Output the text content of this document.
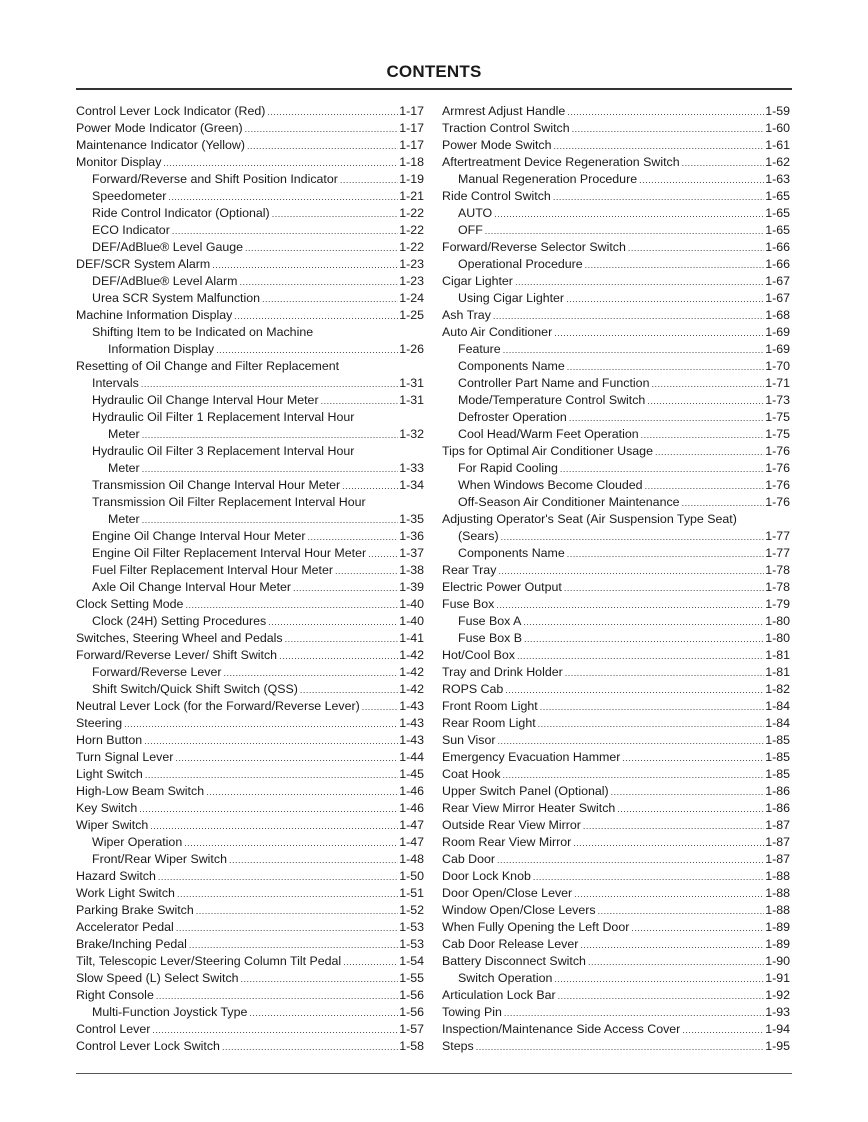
CONTENTS
Control Lever Lock Indicator (Red) .....	1-17
Power Mode Indicator (Green) .....	1-17
Maintenance Indicator (Yellow) .....	1-17
Monitor Display .....	1-18
Forward/Reverse and Shift Position Indicator .....	1-19
Speedometer .....	1-21
Ride Control Indicator (Optional) .....	1-22
ECO Indicator .....	1-22
DEF/AdBlue® Level Gauge .....	1-22
DEF/SCR System Alarm .....	1-23
DEF/AdBlue® Level Alarm .....	1-23
Urea SCR System Malfunction .....	1-24
Machine Information Display .....	1-25
Shifting Item to be Indicated on Machine
Information Display .....	1-26
Resetting of Oil Change and Filter Replacement
Intervals .....	1-31
Hydraulic Oil Change Interval Hour Meter .....	1-31
Hydraulic Oil Filter 1 Replacement Interval Hour
Meter .....	1-32
Hydraulic Oil Filter 3 Replacement Interval Hour
Meter .....	1-33
Transmission Oil Change Interval Hour Meter .....	1-34
Transmission Oil Filter Replacement Interval Hour
Meter .....	1-35
Engine Oil Change Interval Hour Meter .....	1-36
Engine Oil Filter Replacement Interval Hour Meter .....	1-37
Fuel Filter Replacement Interval Hour Meter .....	1-38
Axle Oil Change Interval Hour Meter .....	1-39
Clock Setting Mode .....	1-40
Clock (24H) Setting Procedures .....	1-40
Switches, Steering Wheel and Pedals .....	1-41
Forward/Reverse Lever/ Shift Switch .....	1-42
Forward/Reverse Lever .....	1-42
Shift Switch/Quick Shift Switch (QSS) .....	1-42
Neutral Lever Lock (for the Forward/Reverse Lever) .....	1-43
Steering .....	1-43
Horn Button .....	1-43
Turn Signal Lever .....	1-44
Light Switch .....	1-45
High-Low Beam Switch .....	1-46
Key Switch .....	1-46
Wiper Switch .....	1-47
Wiper Operation .....	1-47
Front/Rear Wiper Switch .....	1-48
Hazard Switch .....	1-50
Work Light Switch .....	1-51
Parking Brake Switch .....	1-52
Accelerator Pedal .....	1-53
Brake/Inching Pedal .....	1-53
Tilt, Telescopic Lever/Steering Column Tilt Pedal .....	1-54
Slow Speed (L) Select Switch .....	1-55
Right Console .....	1-56
Multi-Function Joystick Type .....	1-56
Control Lever .....	1-57
Control Lever Lock Switch .....	1-58
Armrest Adjust Handle .....	1-59
Traction Control Switch .....	1-60
Power Mode Switch .....	1-61
Aftertreatment Device Regeneration Switch .....	1-62
Manual Regeneration Procedure .....	1-63
Ride Control Switch .....	1-65
AUTO .....	1-65
OFF .....	1-65
Forward/Reverse Selector Switch .....	1-66
Operational Procedure .....	1-66
Cigar Lighter .....	1-67
Using Cigar Lighter .....	1-67
Ash Tray .....	1-68
Auto Air Conditioner .....	1-69
Feature .....	1-69
Components Name .....	1-70
Controller Part Name and Function .....	1-71
Mode/Temperature Control Switch .....	1-73
Defroster Operation .....	1-75
Cool Head/Warm Feet Operation .....	1-75
Tips for Optimal Air Conditioner Usage .....	1-76
For Rapid Cooling .....	1-76
When Windows Become Clouded .....	1-76
Off-Season Air Conditioner Maintenance .....	1-76
Adjusting Operator's Seat (Air Suspension Type Seat)
(Sears) .....	1-77
Components Name .....	1-77
Rear Tray .....	1-78
Electric Power Output .....	1-78
Fuse Box .....	1-79
Fuse Box A .....	1-80
Fuse Box B .....	1-80
Hot/Cool Box .....	1-81
Tray and Drink Holder .....	1-81
ROPS Cab .....	1-82
Front Room Light .....	1-84
Rear Room Light .....	1-84
Sun Visor .....	1-85
Emergency Evacuation Hammer .....	1-85
Coat Hook .....	1-85
Upper Switch Panel (Optional) .....	1-86
Rear View Mirror Heater Switch .....	1-86
Outside Rear View Mirror .....	1-87
Room Rear View Mirror .....	1-87
Cab Door .....	1-87
Door Lock Knob .....	1-88
Door Open/Close Lever .....	1-88
Window Open/Close Levers .....	1-88
When Fully Opening the Left Door .....	1-89
Cab Door Release Lever .....	1-89
Battery Disconnect Switch .....	1-90
Switch Operation .....	1-91
Articulation Lock Bar .....	1-92
Towing Pin .....	1-93
Inspection/Maintenance Side Access Cover .....	1-94
Steps .....	1-95
